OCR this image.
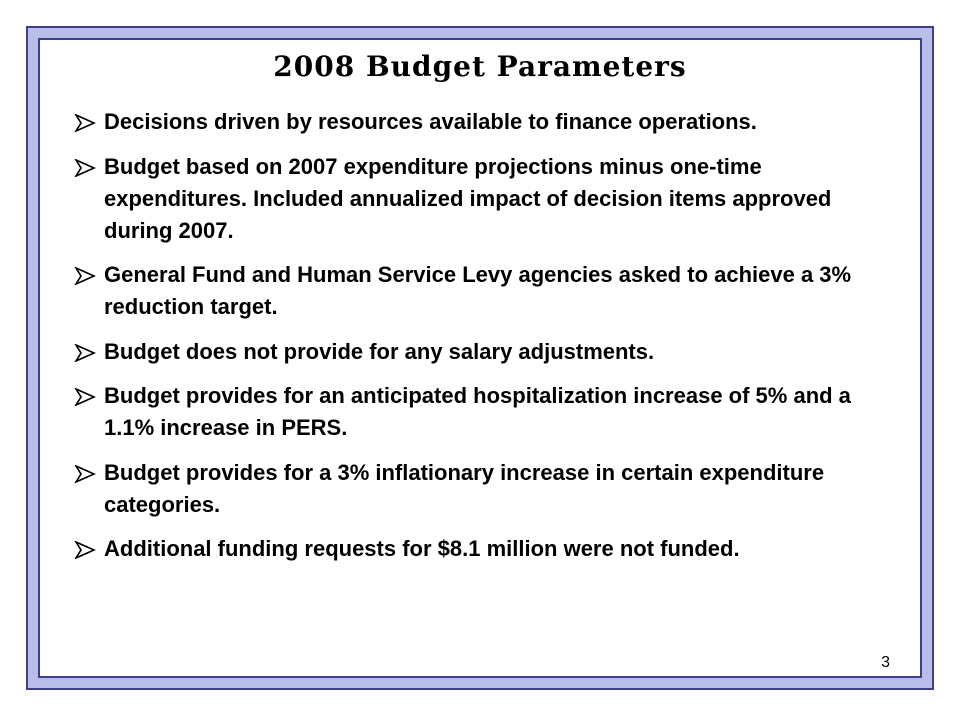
2008 Budget Parameters
Decisions driven by resources available to finance operations.
Budget based on 2007 expenditure projections minus one-time expenditures. Included annualized impact of decision items approved during 2007.
General Fund and Human Service Levy agencies asked to achieve a 3% reduction target.
Budget does not provide for any salary adjustments.
Budget provides for an anticipated hospitalization increase of 5% and a 1.1% increase in PERS.
Budget provides for a 3% inflationary increase in certain expenditure categories.
Additional funding requests for $8.1 million were not funded.
3
